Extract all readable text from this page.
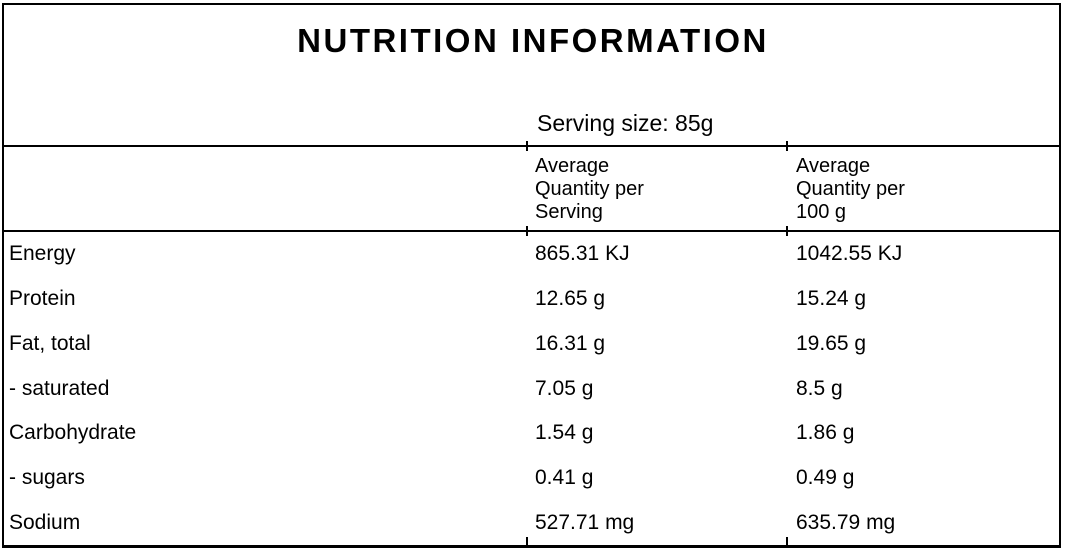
NUTRITION INFORMATION
Serving size: 85g
Average
Quantity per
Serving
Average
Quantity per
100 g
Energy	865.31 KJ	1042.55 KJ
Protein	12.65 g	15.24 g
Fat, total	16.31 g	19.65 g
- saturated	7.05 g	8.5 g
Carbohydrate	1.54 g	1.86 g
- sugars	0.41 g	0.49 g
Sodium	527.71 mg	635.79 mg
